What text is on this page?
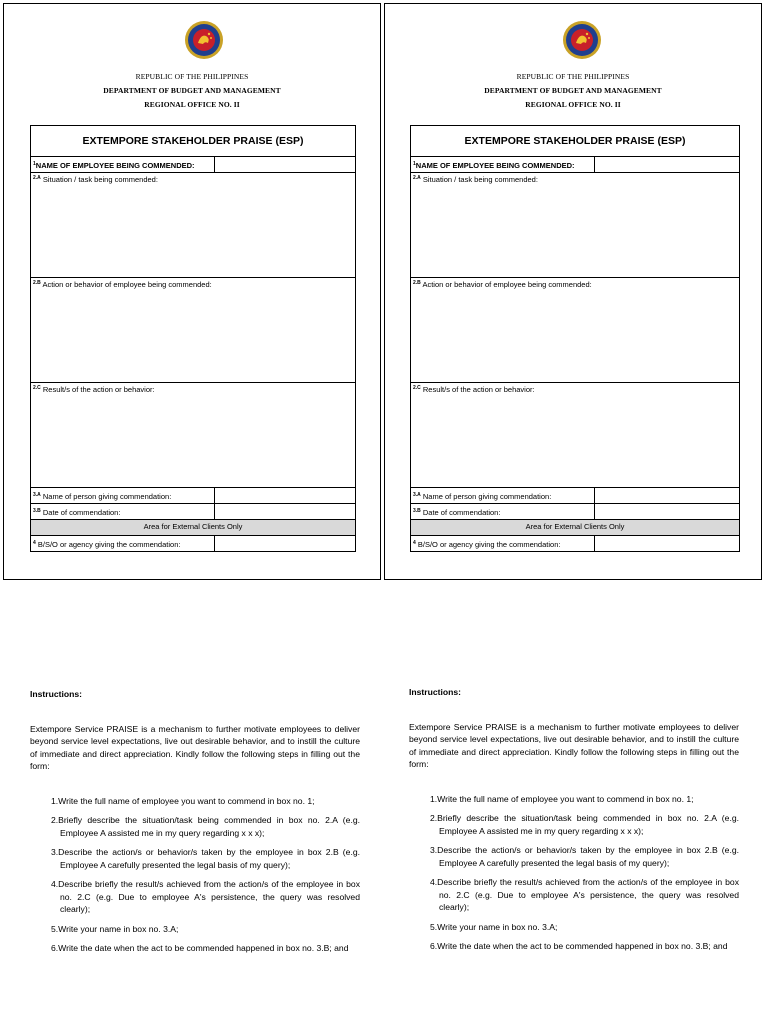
REPUBLIC OF THE PHILIPPINES
DEPARTMENT OF BUDGET AND MANAGEMENT
REGIONAL OFFICE NO. II
EXTEMPORE STAKEHOLDER PRAISE (ESP)
$^1$NAME OF EMPLOYEE BEING COMMENDED:
$^{2.A}$ Situation / task being commended:
$^{2.B}$ Action or behavior of employee being commended:
$^{2.C}$ Result/s of the action or behavior:
$^{3.A}$ Name of person giving commendation:
$^{3.B}$ Date of commendation:
Area for External Clients Only
$^4$ B/S/O or agency giving the commendation:
REPUBLIC OF THE PHILIPPINES
DEPARTMENT OF BUDGET AND MANAGEMENT
REGIONAL OFFICE NO. II
EXTEMPORE STAKEHOLDER PRAISE (ESP)
$^1$NAME OF EMPLOYEE BEING COMMENDED:
$^{2.A}$ Situation / task being commended:
$^{2.B}$ Action or behavior of employee being commended:
$^{2.C}$ Result/s of the action or behavior:
$^{3.A}$ Name of person giving commendation:
$^{3.B}$ Date of commendation:
Area for External Clients Only
$^4$ B/S/O or agency giving the commendation:
Instructions:

Extempore Service PRAISE is a mechanism to further motivate employees to deliver beyond service level expectations, live out desirable behavior, and to instill the culture of immediate and direct appreciation. Kindly follow the following steps in filling out the form:

1.Write the full name of employee you want to commend in box no. 1;
2.Briefly describe the situation/task being commended in box no. 2.A (e.g. Employee A assisted me in my query regarding x x x);
3.Describe the action/s or behavior/s taken by the employee in box 2.B (e.g. Employee A carefully presented the legal basis of my query);
4.Describe briefly the result/s achieved from the action/s of the employee in box no. 2.C (e.g. Due to employee A's persistence, the query was resolved clearly);
5.Write your name in box no. 3.A;
6.Write the date when the act to be commended happened in box no. 3.B; and
Instructions:

Extempore Service PRAISE is a mechanism to further motivate employees to deliver beyond service level expectations, live out desirable behavior, and to instill the culture of immediate and direct appreciation. Kindly follow the following steps in filling out the form:

1.Write the full name of employee you want to commend in box no. 1;
2.Briefly describe the situation/task being commended in box no. 2.A (e.g. Employee A assisted me in my query regarding x x x);
3.Describe the action/s or behavior/s taken by the employee in box 2.B (e.g. Employee A carefully presented the legal basis of my query);
4.Describe briefly the result/s achieved from the action/s of the employee in box no. 2.C (e.g. Due to employee A's persistence, the query was resolved clearly);
5.Write your name in box no. 3.A;
6.Write the date when the act to be commended happened in box no. 3.B; and
